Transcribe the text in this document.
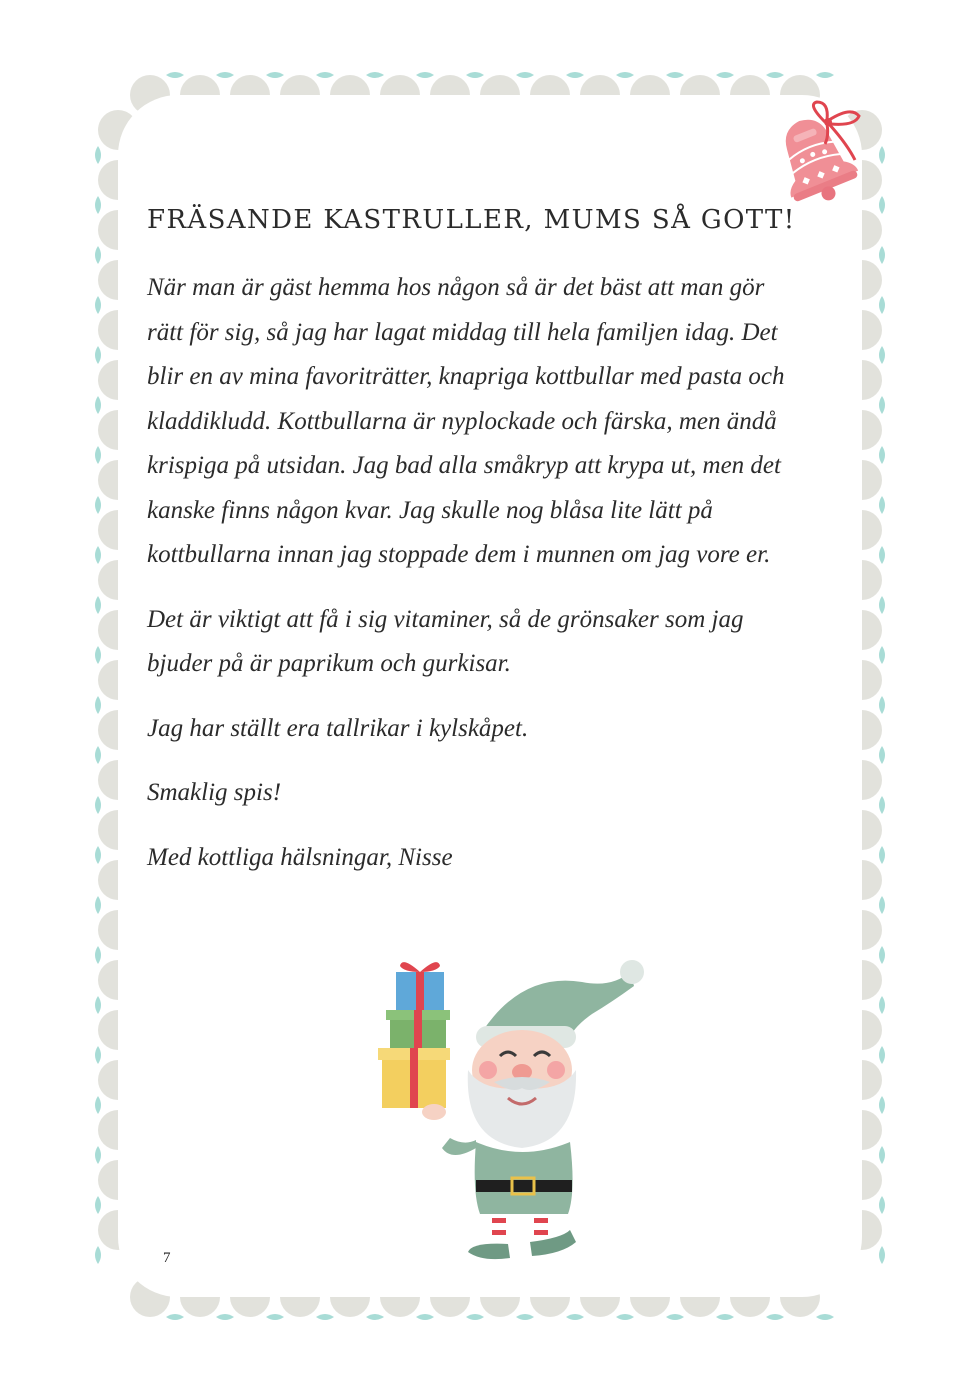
FRÄSANDE KASTRULLER, MUMS SÅ GOTT!

När man är gäst hemma hos någon så är det bäst att man gör
rätt för sig, så jag har lagat middag till hela familjen idag. Det
blir en av mina favoriträtter, knapriga kottbullar med pasta och
kladdikludd. Kottbullarna är nyplockade och färska, men ändå
krispiga på utsidan. Jag bad alla småkryp att krypa ut, men det
kanske finns någon kvar. Jag skulle nog blåsa lite lätt på
kottbullarna innan jag stoppade dem i munnen om jag vore er.

Det är viktigt att få i sig vitaminer, så de grönsaker som jag
bjuder på är paprikum och gurkisar.

Jag har ställt era tallrikar i kylskåpet.

Smaklig spis!

Med kottliga hälsningar, Nisse

7
